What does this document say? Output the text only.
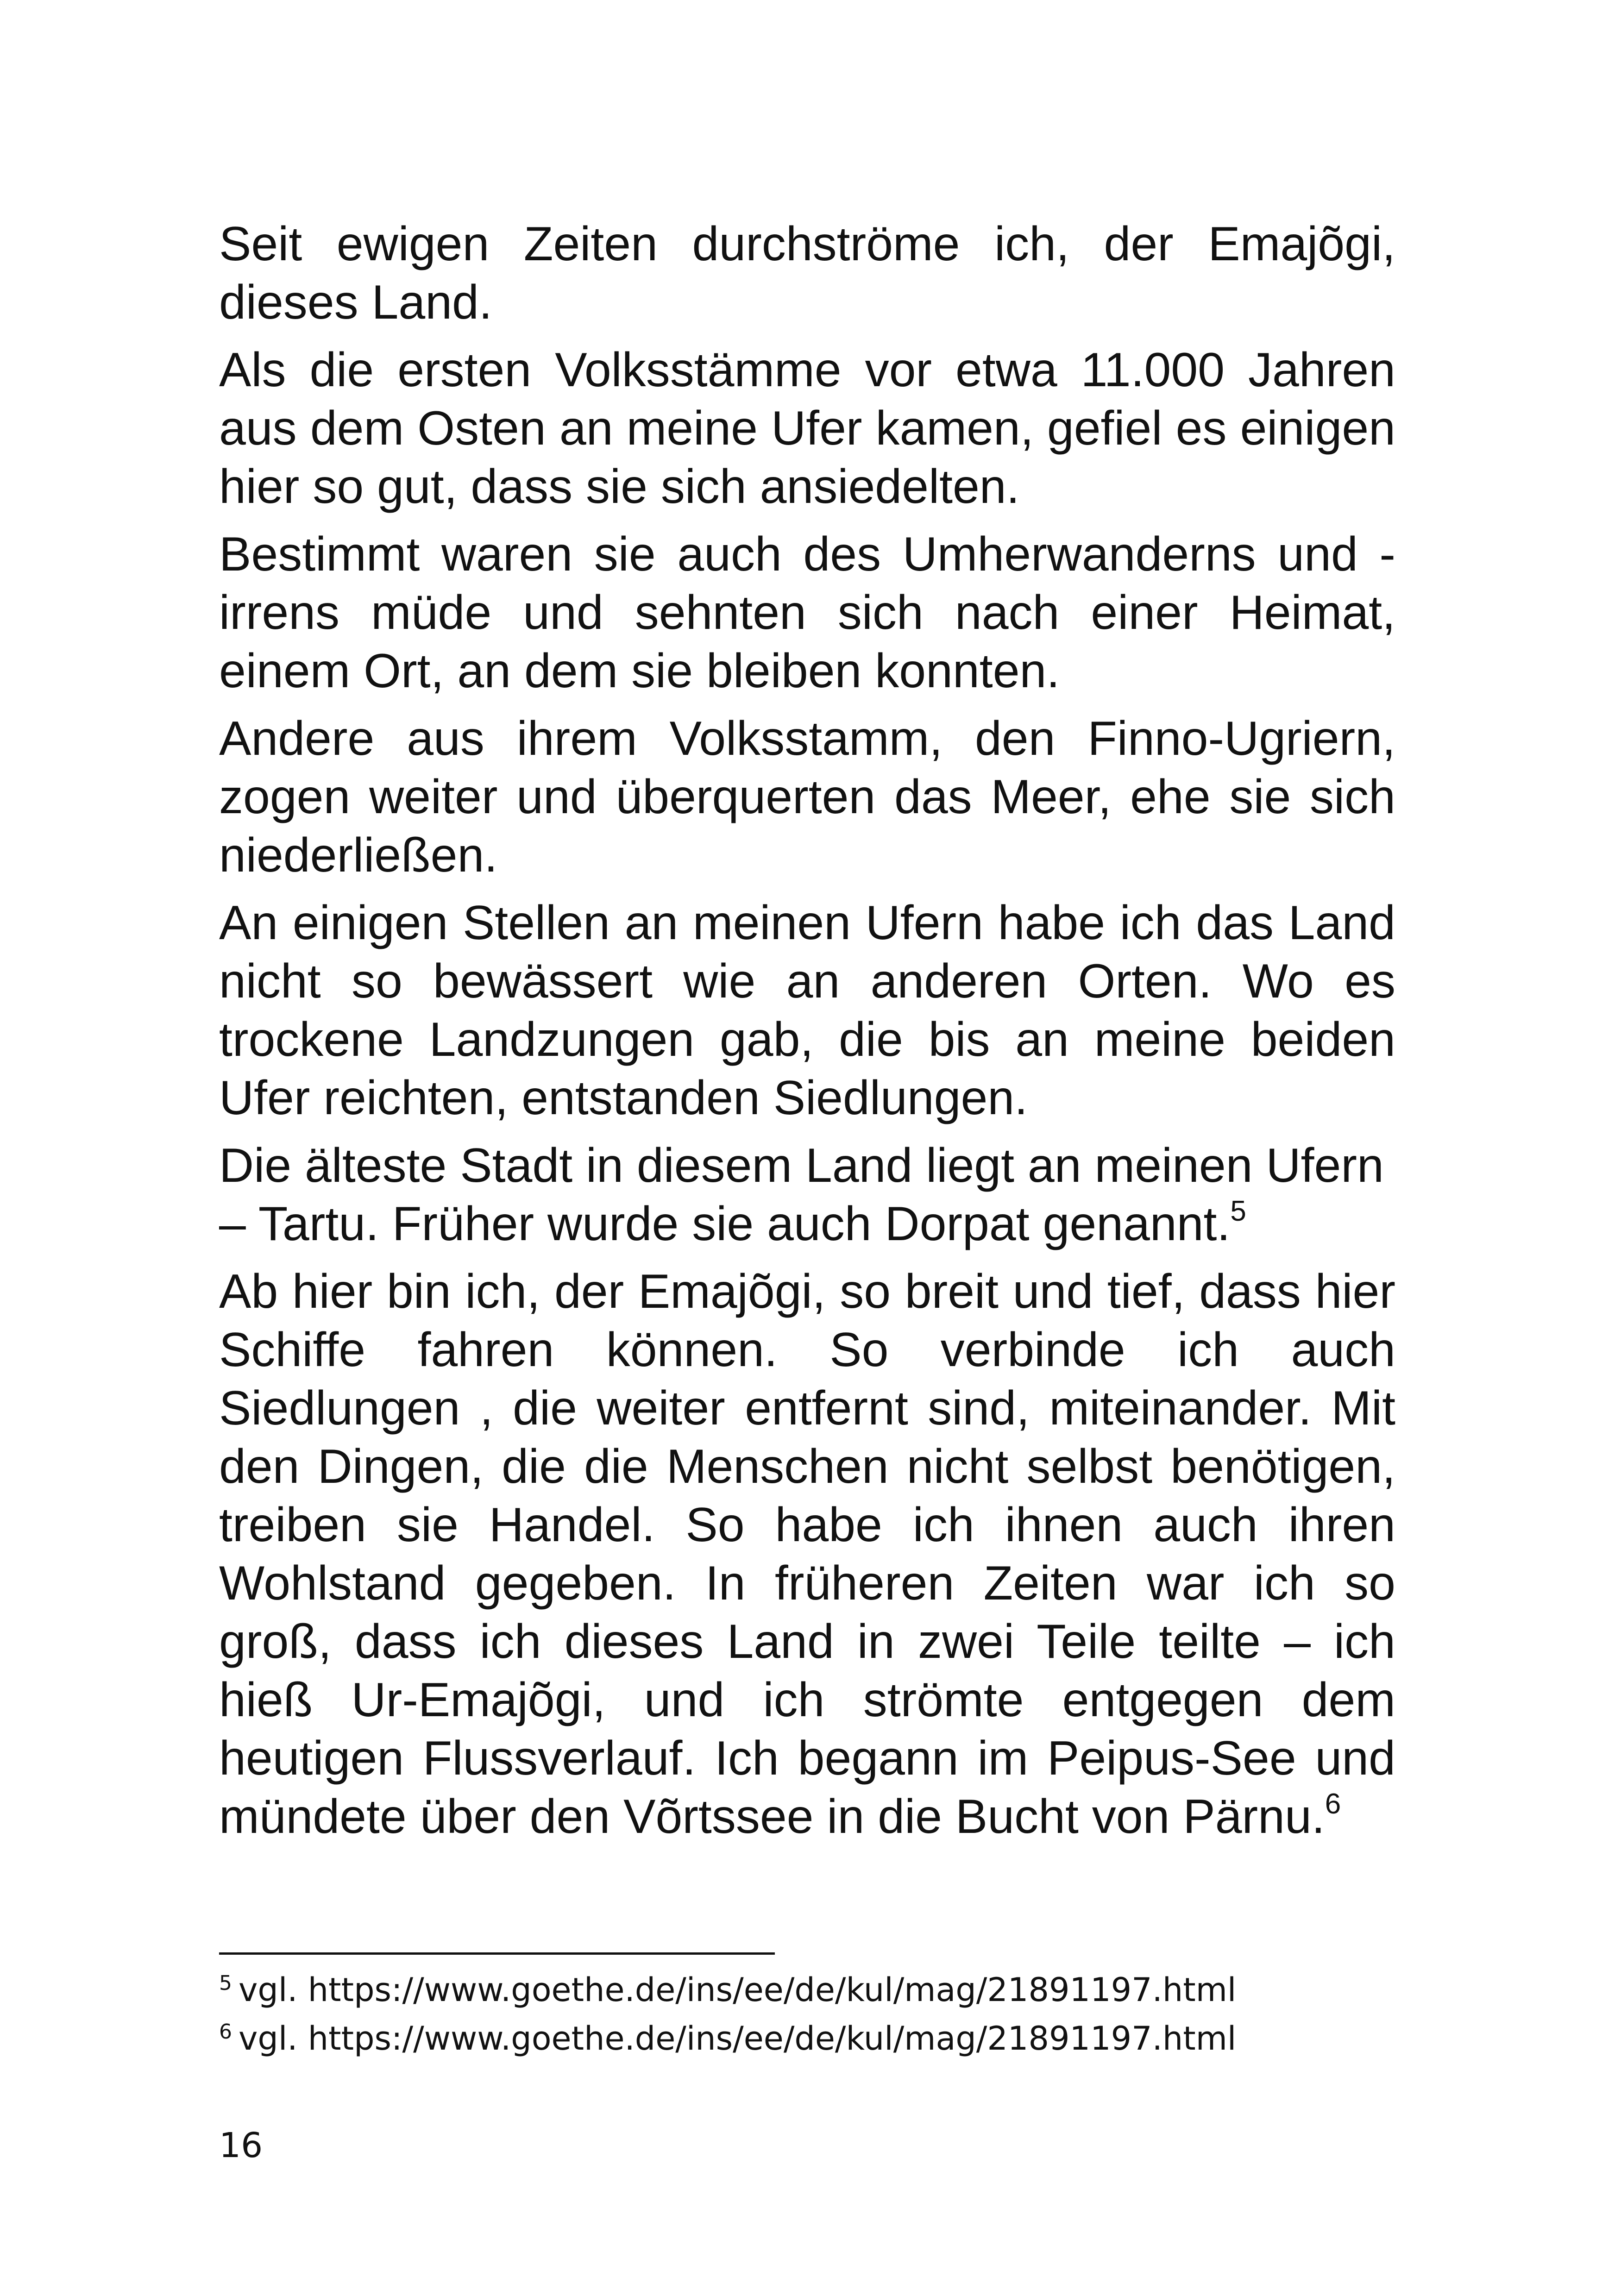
Seit ewigen Zeiten durchströme ich, der Emajõgi, dieses Land.

Als die ersten Volksstämme vor etwa 11.000 Jahren aus dem Osten an meine Ufer kamen, gefiel es einigen hier so gut, dass sie sich ansiedelten.

Bestimmt waren sie auch des Umherwanderns und -irrens müde und sehnten sich nach einer Heimat, einem Ort, an dem sie bleiben konnten.

Andere aus ihrem Volksstamm, den Finno-Ugriern, zogen weiter und überquerten das Meer, ehe sie sich niederließen.

An einigen Stellen an meinen Ufern habe ich das Land nicht so bewässert wie an anderen Orten. Wo es trockene Landzungen gab, die bis an meine beiden Ufer reichten, entstanden Siedlungen.

Die älteste Stadt in diesem Land liegt an meinen Ufern – Tartu. Früher wurde sie auch Dorpat genannt.$^5$

Ab hier bin ich, der Emajõgi, so breit und tief, dass hier Schiffe fahren können. So verbinde ich auch Siedlungen , die weiter entfernt sind, miteinander. Mit den Dingen, die die Menschen nicht selbst benötigen, treiben sie Handel. So habe ich ihnen auch ihren Wohlstand gegeben. In früheren Zeiten war ich so groß, dass ich dieses Land in zwei Teile teilte – ich hieß Ur-Emajõgi, und ich strömte entgegen dem heutigen Flussverlauf. Ich begann im Peipus-See und mündete über den Võrtssee in die Bucht von Pärnu.$^6$

$^5$ vgl. https://www.goethe.de/ins/ee/de/kul/mag/21891197.html
$^6$ vgl. https://www.goethe.de/ins/ee/de/kul/mag/21891197.html
16
